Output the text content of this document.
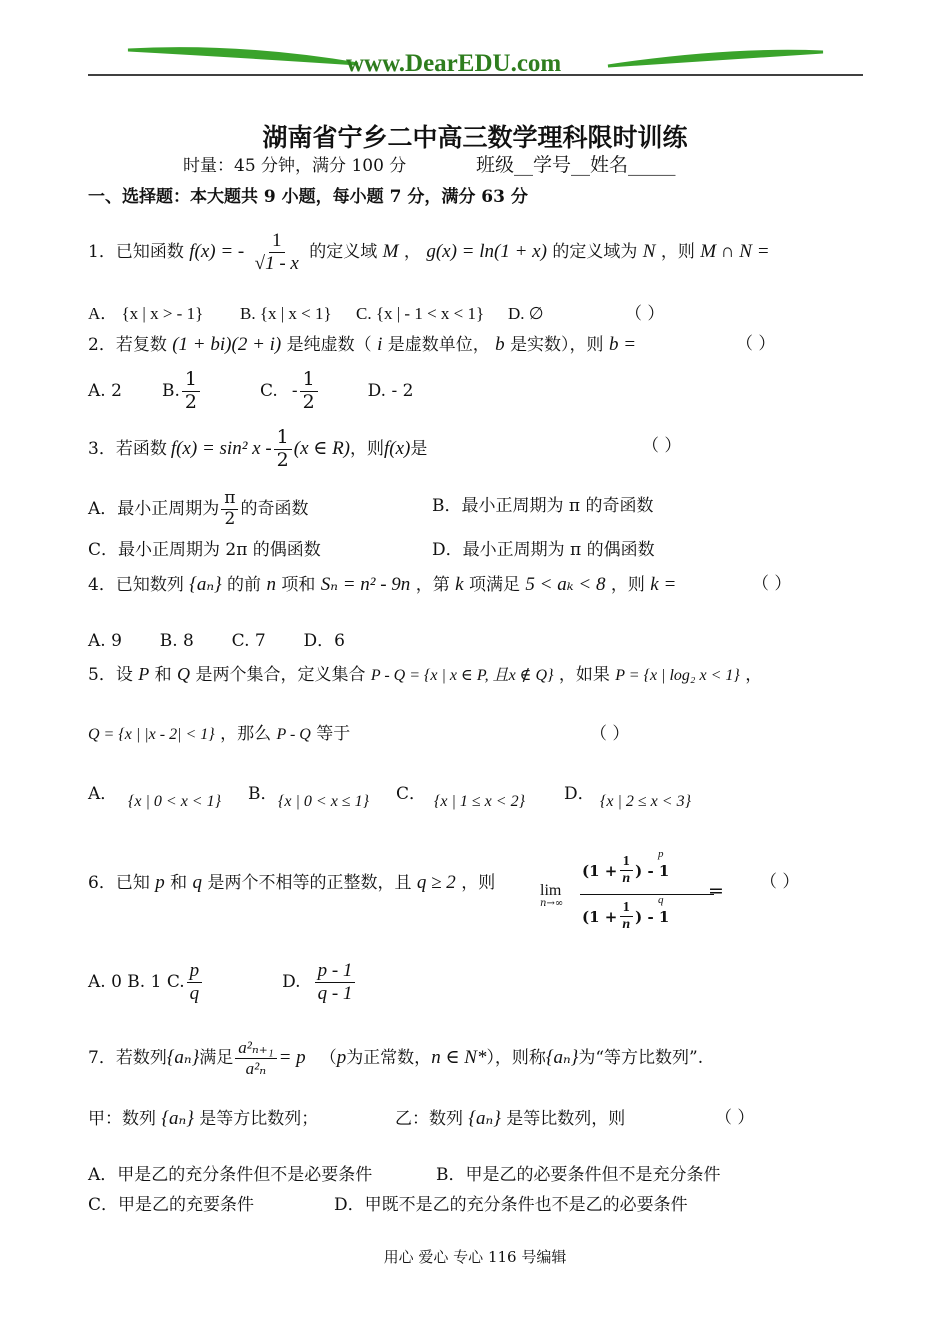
www.DearEDU.com
湖南省宁乡二中高三数学理科限时训练
时量：45 分钟，满分 100 分	班级__学号__姓名_____
一、选择题：本大题共 9 小题，每小题 7 分，满分 63 分
1．已知函数 f(x) = - $\frac{1}{√1 - x}$ 的定义域 M ， g(x) = ln(1 + x) 的定义域为 N ，则 M ∩ N =
A． {x | x > - 1} B. {x | x < 1} C. {x | - 1 < x < 1} D. ∅	（ ）
2．若复数 (1 + bi)(2 + i) 是纯虚数（ i 是虚数单位， b 是实数），则 b =	（ ）
A. 2	B. $\frac{1}{2}$	C. - $\frac{1}{2}$	D. - 2
3．若函数 f(x) = sin² x - $\frac{1}{2} (x$ ∈ R) ，则 f(x) 是	（ ）
A．最小正周期为 $\frac{\pi}{2}$ 的奇函数	B．最小正周期为 π 的奇函数
C．最小正周期为 2π 的偶函数	D．最小正周期为 π 的偶函数
4．已知数列 {aₙ} 的前 n 项和 Sₙ = n² - 9n ，第 k 项满足 5 < aₖ < 8 ，则 k =	（ ）
A. 9       B. 8       C. 7       D．6
5．设 P 和 Q 是两个集合，定义集合 P - Q = {x | x ∈ P, 且x ∉ Q} ，如果 P = {x | log₂ x < 1} ，
Q = {x | |x - 2| < 1} ，那么 P - Q 等于	（ ）
A． {x | 0 < x < 1} B． {x | 0 < x ≤ 1} C． {x | 1 ≤ x < 2} D． {x | 2 ≤ x < 3}
6．已知 p 和 q 是两个不相等的正整数，且 q ≥ 2 ，则	lim
n→∞
($1 + \frac{1}{n}$ ) - 1
p
($1 + \frac{1}{n}$ ) - 1
q = （ ）
A. 0 B. 1 C. $\frac{p}{q}$	D. $\frac{p - 1}{q - 1}$
7．若数列 {aₙ} 满足 $\frac{\text{a²ₙ₊₁}}{\text{a²ₙ}} = p$ （ p 为正常数， n ∈ N* ），则称 {aₙ} 为“等方比数列”.
甲：数列 {aₙ} 是等方比数列；	乙：数列 {aₙ} 是等比数列，则	（ ）
A．甲是乙的充分条件但不是必要条件	B．甲是乙的必要条件但不是充分条件
C．甲是乙的充要条件	D．甲既不是乙的充分条件也不是乙的必要条件
用心 爱心 专心 116 号编辑
